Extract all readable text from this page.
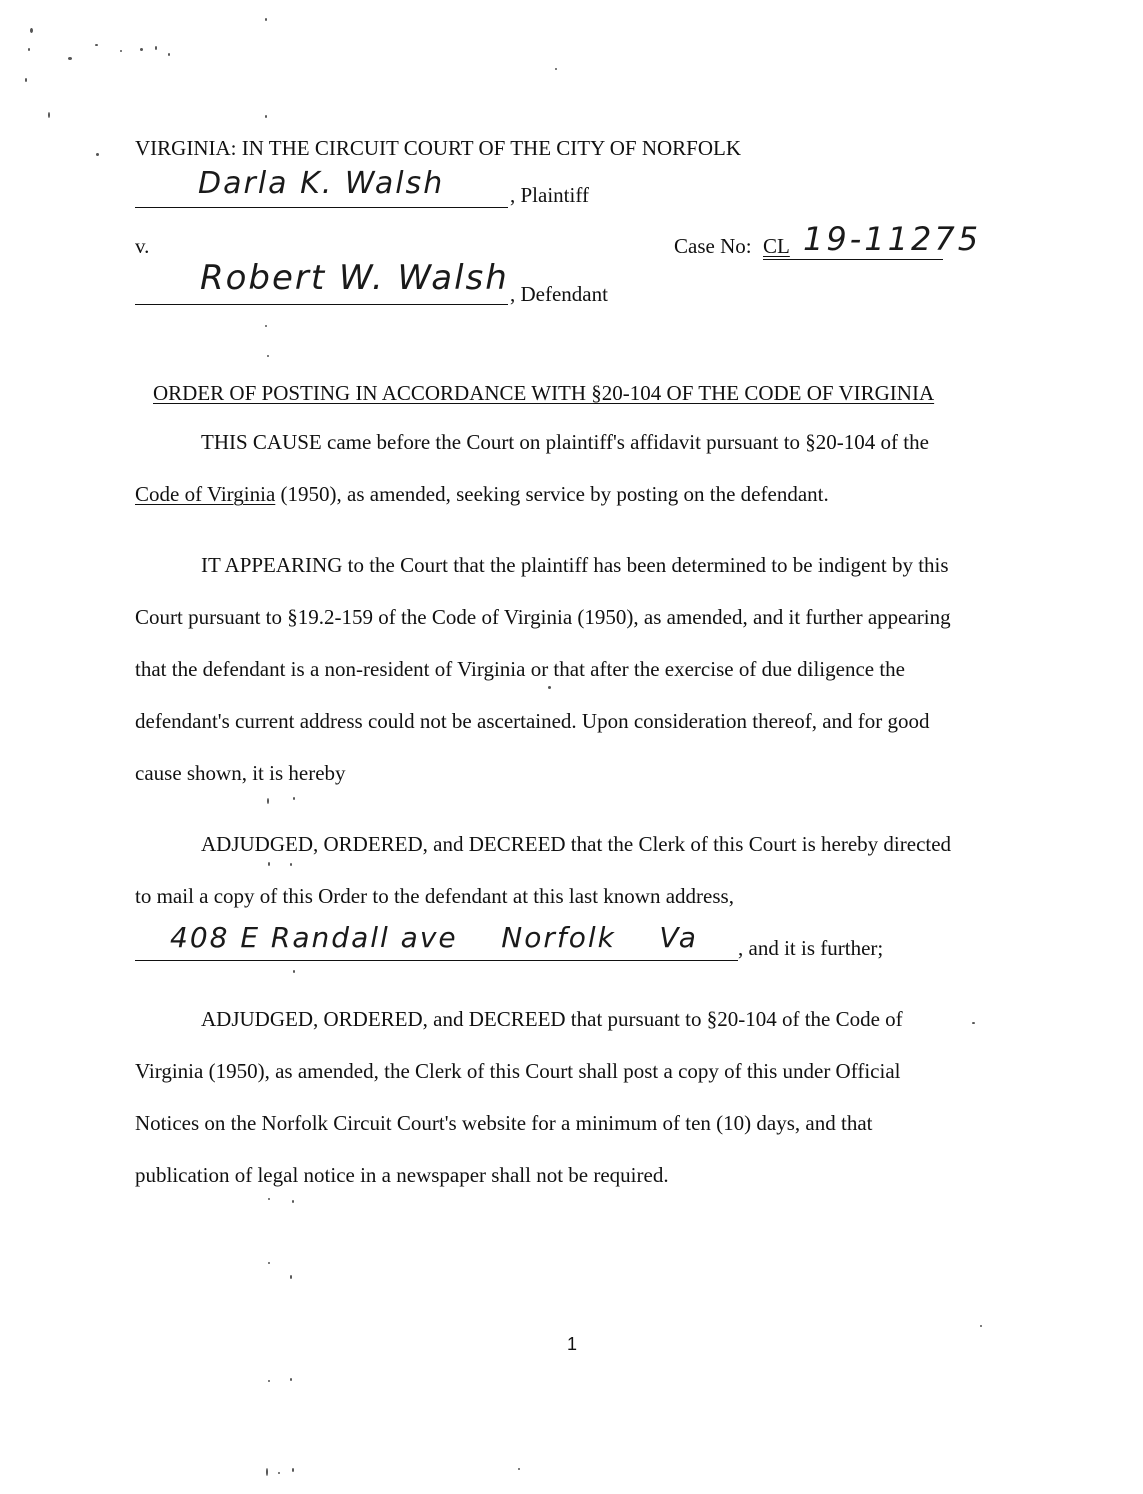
VIRGINIA: IN THE CIRCUIT COURT OF THE CITY OF NORFOLK
Darla K. Walsh	, Plaintiff
v.	Case No: CL 19-11275
Robert W. Walsh , Defendant
ORDER OF POSTING IN ACCORDANCE WITH §20-104 OF THE CODE OF VIRGINIA
THIS CAUSE came before the Court on plaintiff's affidavit pursuant to §20-104 of the
Code of Virginia (1950), as amended, seeking service by posting on the defendant.
IT APPEARING to the Court that the plaintiff has been determined to be indigent by this
Court pursuant to §19.2-159 of the Code of Virginia (1950), as amended, and it further appearing
that the defendant is a non-resident of Virginia or that after the exercise of due diligence the
defendant's current address could not be ascertained. Upon consideration thereof, and for good
cause shown, it is hereby
ADJUDGED, ORDERED, and DECREED that the Clerk of this Court is hereby directed
to mail a copy of this Order to the defendant at this last known address,
408 E Randall ave    Norfolk    Va , and it is further;
ADJUDGED, ORDERED, and DECREED that pursuant to §20-104 of the Code of
Virginia (1950), as amended, the Clerk of this Court shall post a copy of this under Official
Notices on the Norfolk Circuit Court's website for a minimum of ten (10) days, and that
publication of legal notice in a newspaper shall not be required.
1
